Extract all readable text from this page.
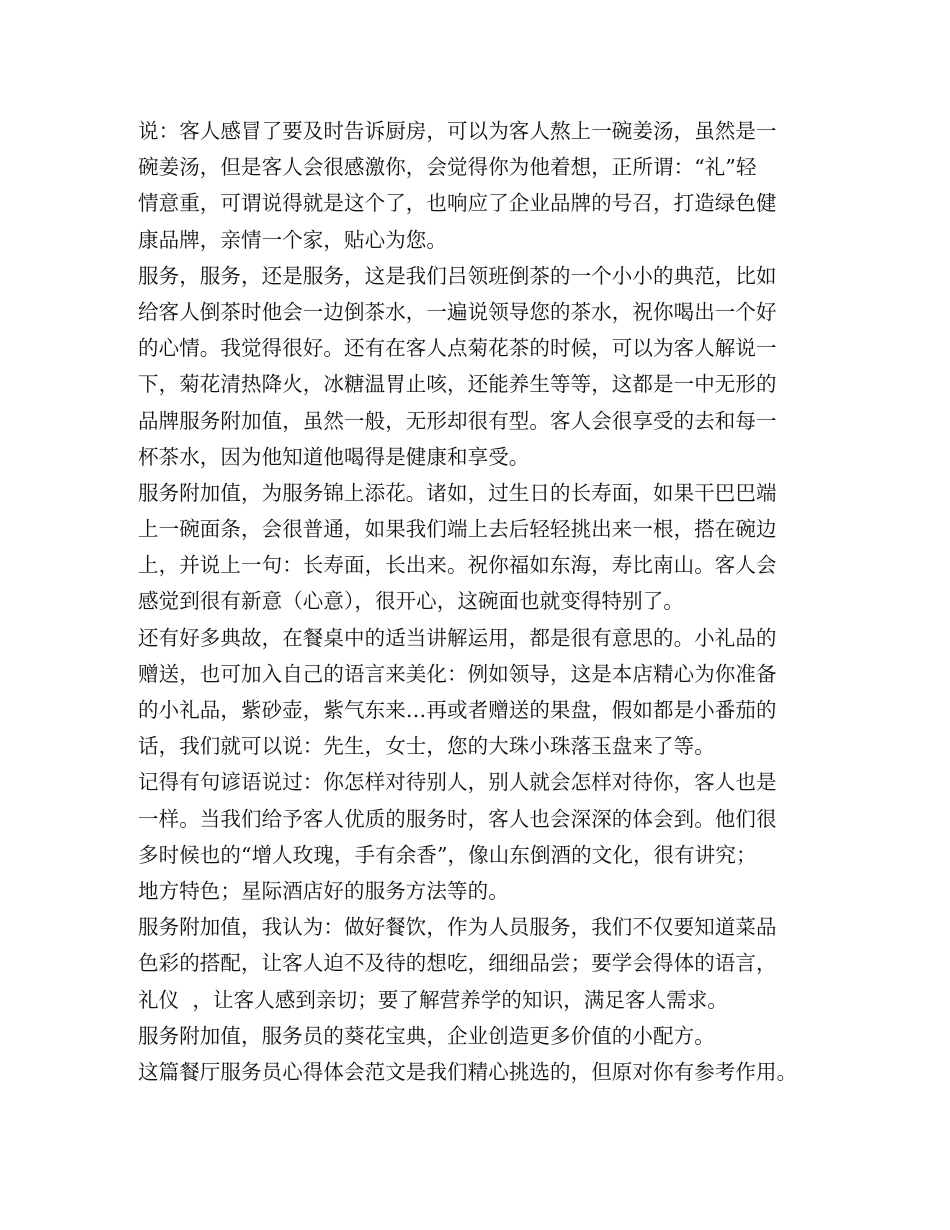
说：客人感冒了要及时告诉厨房，可以为客人熬上一碗姜汤，虽然是一
碗姜汤，但是客人会很感激你，会觉得你为他着想，正所谓：“礼”轻
情意重，可谓说得就是这个了，也响应了企业品牌的号召，打造绿色健
康品牌，亲情一个家，贴心为您。
服务，服务，还是服务，这是我们吕领班倒茶的一个小小的典范，比如
给客人倒茶时他会一边倒茶水，一遍说领导您的茶水，祝你喝出一个好
的心情。我觉得很好。还有在客人点菊花茶的时候，可以为客人解说一
下，菊花清热降火，冰糖温胃止咳，还能养生等等，这都是一中无形的
品牌服务附加值，虽然一般，无形却很有型。客人会很享受的去和每一
杯茶水，因为他知道他喝得是健康和享受。
服务附加值，为服务锦上添花。诸如，过生日的长寿面，如果干巴巴端
上一碗面条，会很普通，如果我们端上去后轻轻挑出来一根，搭在碗边
上，并说上一句：长寿面，长出来。祝你福如东海，寿比南山。客人会
感觉到很有新意（心意），很开心，这碗面也就变得特别了。
还有好多典故，在餐桌中的适当讲解运用，都是很有意思的。小礼品的
赠送，也可加入自己的语言来美化：例如领导，这是本店精心为你准备
的小礼品，紫砂壶，紫气东来…再或者赠送的果盘，假如都是小番茄的
话，我们就可以说：先生，女士，您的大珠小珠落玉盘来了等。
记得有句谚语说过：你怎样对待别人，别人就会怎样对待你，客人也是
一样。当我们给予客人优质的服务时，客人也会深深的体会到。他们很
多时候也的“增人玫瑰，手有余香”，像山东倒酒的文化，很有讲究；
地方特色；星际酒店好的服务方法等的。
服务附加值，我认为：做好餐饮，作为人员服务，我们不仅要知道菜品
色彩的搭配，让客人迫不及待的想吃，细细品尝；要学会得体的语言，
礼仪  ，让客人感到亲切；要了解营养学的知识，满足客人需求。
服务附加值，服务员的葵花宝典，企业创造更多价值的小配方。
这篇餐厅服务员心得体会范文是我们精心挑选的，但原对你有参考作用。
